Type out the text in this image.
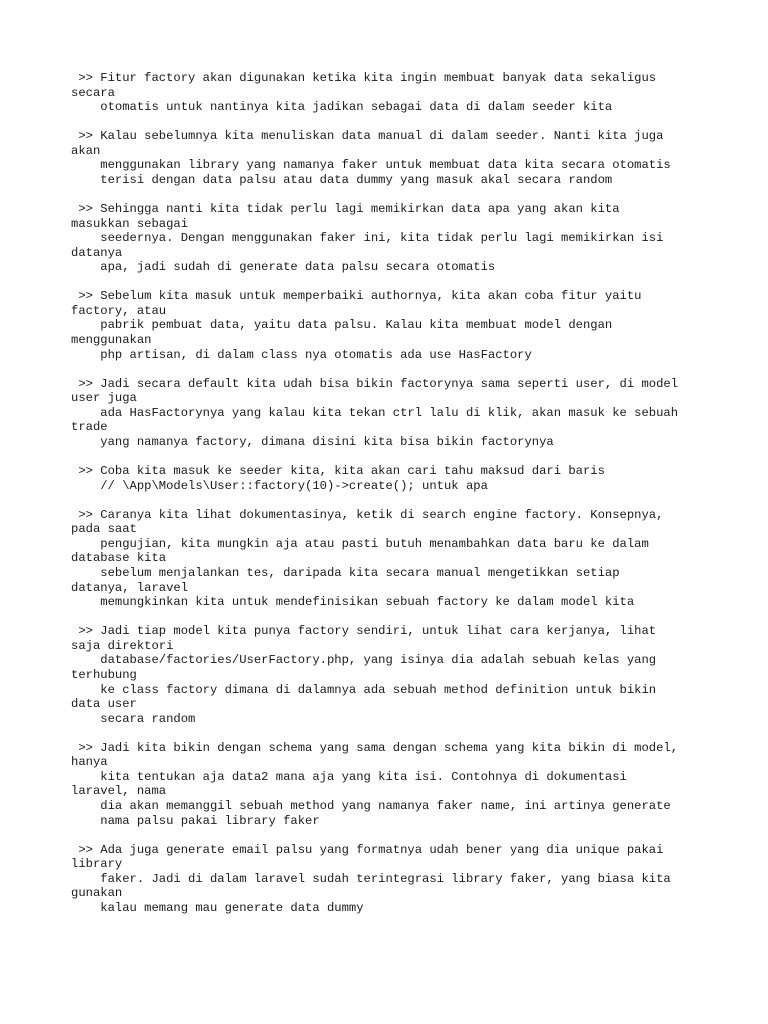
>> Fitur factory akan digunakan ketika kita ingin membuat banyak data sekaligus
secara
otomatis untuk nantinya kita jadikan sebagai data di dalam seeder kita
>> Kalau sebelumnya kita menuliskan data manual di dalam seeder. Nanti kita juga
akan
menggunakan library yang namanya faker untuk membuat data kita secara otomatis
terisi dengan data palsu atau data dummy yang masuk akal secara random
>> Sehingga nanti kita tidak perlu lagi memikirkan data apa yang akan kita
masukkan sebagai
seedernya. Dengan menggunakan faker ini, kita tidak perlu lagi memikirkan isi
datanya
apa, jadi sudah di generate data palsu secara otomatis
>> Sebelum kita masuk untuk memperbaiki authornya, kita akan coba fitur yaitu
factory, atau
pabrik pembuat data, yaitu data palsu. Kalau kita membuat model dengan
menggunakan
php artisan, di dalam class nya otomatis ada use HasFactory
>> Jadi secara default kita udah bisa bikin factorynya sama seperti user, di model
user juga
ada HasFactorynya yang kalau kita tekan ctrl lalu di klik, akan masuk ke sebuah
trade
yang namanya factory, dimana disini kita bisa bikin factorynya
>> Coba kita masuk ke seeder kita, kita akan cari tahu maksud dari baris
// \App\Models\User::factory(10)->create(); untuk apa
>> Caranya kita lihat dokumentasinya, ketik di search engine factory. Konsepnya,
pada saat
pengujian, kita mungkin aja atau pasti butuh menambahkan data baru ke dalam
database kita
sebelum menjalankan tes, daripada kita secara manual mengetikkan setiap
datanya, laravel
memungkinkan kita untuk mendefinisikan sebuah factory ke dalam model kita
>> Jadi tiap model kita punya factory sendiri, untuk lihat cara kerjanya, lihat
saja direktori
database/factories/UserFactory.php, yang isinya dia adalah sebuah kelas yang
terhubung
ke class factory dimana di dalamnya ada sebuah method definition untuk bikin
data user
secara random
>> Jadi kita bikin dengan schema yang sama dengan schema yang kita bikin di model,
hanya
kita tentukan aja data2 mana aja yang kita isi. Contohnya di dokumentasi
laravel, nama
dia akan memanggil sebuah method yang namanya faker name, ini artinya generate
nama palsu pakai library faker
>> Ada juga generate email palsu yang formatnya udah bener yang dia unique pakai
library
faker. Jadi di dalam laravel sudah terintegrasi library faker, yang biasa kita
gunakan
kalau memang mau generate data dummy
